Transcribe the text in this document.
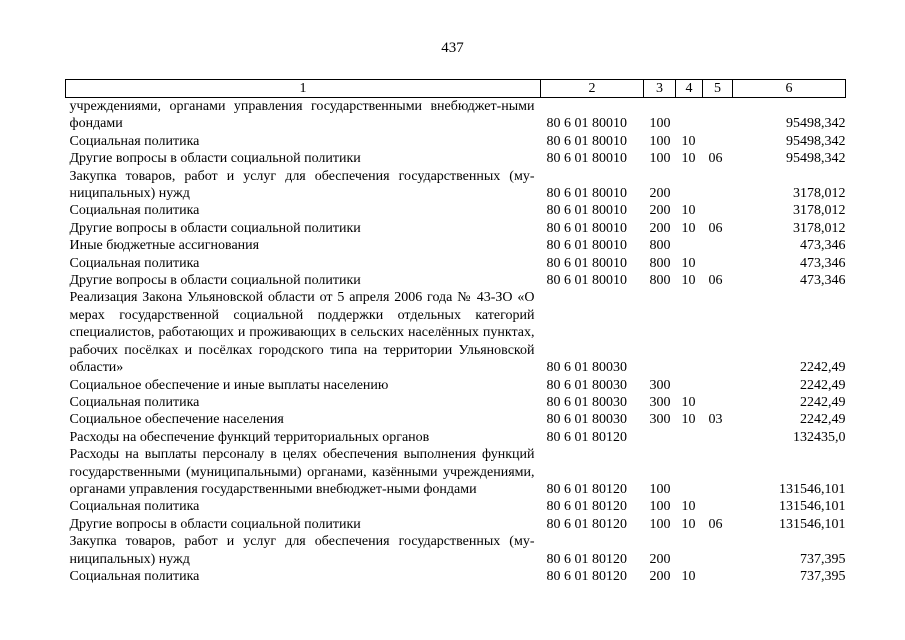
437
1	2	3	4	5	6
учреждениями, органами управления государственными внебюджет-ными фондами	80 6 01 80010	100			95498,342
Социальная политика	80 6 01 80010	100	10		95498,342
Другие вопросы в области социальной политики	80 6 01 80010	100	10	06	95498,342
Закупка товаров, работ и услуг для обеспечения государственных (му-ниципальных) нужд	80 6 01 80010	200			3178,012
Социальная политика	80 6 01 80010	200	10		3178,012
Другие вопросы в области социальной политики	80 6 01 80010	200	10	06	3178,012
Иные бюджетные ассигнования	80 6 01 80010	800			473,346
Социальная политика	80 6 01 80010	800	10		473,346
Другие вопросы в области социальной политики	80 6 01 80010	800	10	06	473,346
Реализация Закона Ульяновской области от 5 апреля 2006 года № 43-ЗО «О мерах государственной социальной поддержки отдельных категорий специалистов, работающих и проживающих в сельских населённых пунктах, рабочих посёлках и посёлках городского типа на территории Ульяновской области»	80 6 01 80030				2242,49
Социальное обеспечение и иные выплаты населению	80 6 01 80030	300			2242,49
Социальная политика	80 6 01 80030	300	10		2242,49
Социальное обеспечение населения	80 6 01 80030	300	10	03	2242,49
Расходы на обеспечение функций территориальных органов	80 6 01 80120				132435,0
Расходы на выплаты персоналу в целях обеспечения выполнения функций государственными (муниципальными) органами, казёнными учреждениями, органами управления государственными внебюджет-ными фондами	80 6 01 80120	100			131546,101
Социальная политика	80 6 01 80120	100	10		131546,101
Другие вопросы в области социальной политики	80 6 01 80120	100	10	06	131546,101
Закупка товаров, работ и услуг для обеспечения государственных (му-ниципальных) нужд	80 6 01 80120	200			737,395
Социальная политика	80 6 01 80120	200	10		737,395
